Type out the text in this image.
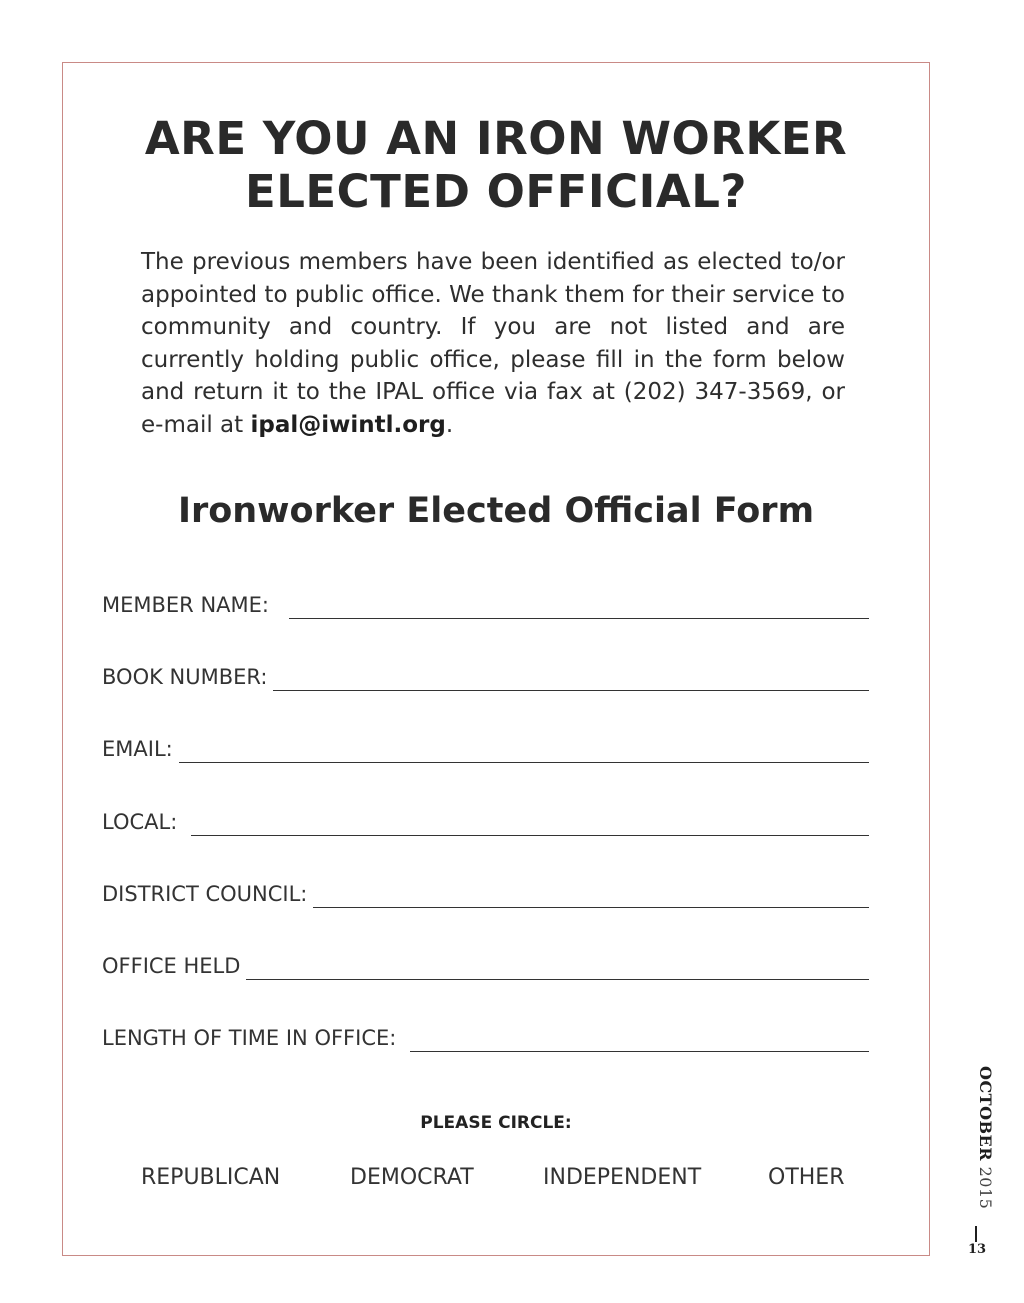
ARE YOU AN IRON WORKER
ELECTED OFFICIAL?

The previous members have been identified as elected to/or appointed to public office. We thank them for their service to community and country. If you are not listed and are currently holding public office, please fill in the form below and return it to the IPAL office via fax at (202) 347-3569, or e-mail at ipal@iwintl.org.

Ironworker Elected Official Form
MEMBER NAME:
BOOK NUMBER:
EMAIL:
LOCAL:
DISTRICT COUNCIL:
OFFICE HELD
LENGTH OF TIME IN OFFICE:
PLEASE CIRCLE:
REPUBLICAN	DEMOCRAT	INDEPENDENT	OTHER
OCTOBER 2015
13
